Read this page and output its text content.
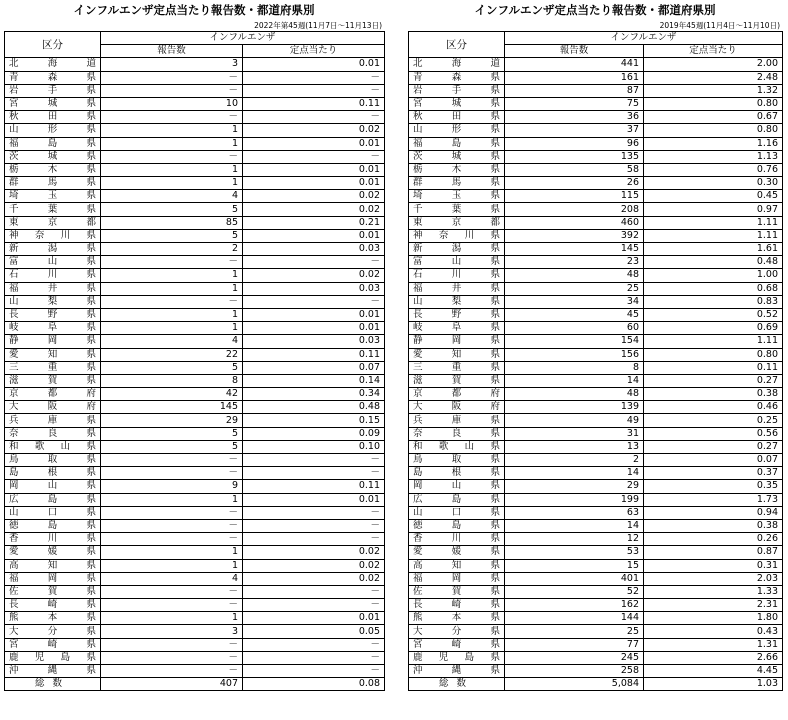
インフルエンザ定点当たり報告数・都道府県別
2022年第45週(11月7日～11月13日)
区分	インフルエンザ	
	報告数	定点当たり
北海道	3	0.01
青森県	－	－
岩手県	－	－
宮城県	10	0.11
秋田県	－	－
山形県	1	0.02
福島県	1	0.01
茨城県	－	－
栃木県	1	0.01
群馬県	1	0.01
埼玉県	4	0.02
千葉県	5	0.02
東京都	85	0.21
神奈川県	5	0.01
新潟県	2	0.03
富山県	－	－
石川県	1	0.02
福井県	1	0.03
山梨県	－	－
長野県	1	0.01
岐阜県	1	0.01
静岡県	4	0.03
愛知県	22	0.11
三重県	5	0.07
滋賀県	8	0.14
京都府	42	0.34
大阪府	145	0.48
兵庫県	29	0.15
奈良県	5	0.09
和歌山県	5	0.10
鳥取県	－	－
島根県	－	－
岡山県	9	0.11
広島県	1	0.01
山口県	－	－
徳島県	－	－
香川県	－	－
愛媛県	1	0.02
高知県	1	0.02
福岡県	4	0.02
佐賀県	－	－
長崎県	－	－
熊本県	1	0.01
大分県	3	0.05
宮崎県	－	－
鹿児島県	－	－
沖縄県	－	－
総数	407	0.08
インフルエンザ定点当たり報告数・都道府県別
2019年45週(11月4日～11月10日)
区分	インフルエンザ	
	報告数	定点当たり
北海道	441	2.00
青森県	161	2.48
岩手県	87	1.32
宮城県	75	0.80
秋田県	36	0.67
山形県	37	0.80
福島県	96	1.16
茨城県	135	1.13
栃木県	58	0.76
群馬県	26	0.30
埼玉県	115	0.45
千葉県	208	0.97
東京都	460	1.11
神奈川県	392	1.11
新潟県	145	1.61
富山県	23	0.48
石川県	48	1.00
福井県	25	0.68
山梨県	34	0.83
長野県	45	0.52
岐阜県	60	0.69
静岡県	154	1.11
愛知県	156	0.80
三重県	8	0.11
滋賀県	14	0.27
京都府	48	0.38
大阪府	139	0.46
兵庫県	49	0.25
奈良県	31	0.56
和歌山県	13	0.27
鳥取県	2	0.07
島根県	14	0.37
岡山県	29	0.35
広島県	199	1.73
山口県	63	0.94
徳島県	14	0.38
香川県	12	0.26
愛媛県	53	0.87
高知県	15	0.31
福岡県	401	2.03
佐賀県	52	1.33
長崎県	162	2.31
熊本県	144	1.80
大分県	25	0.43
宮崎県	77	1.31
鹿児島県	245	2.66
沖縄県	258	4.45
総数	5,084	1.03
